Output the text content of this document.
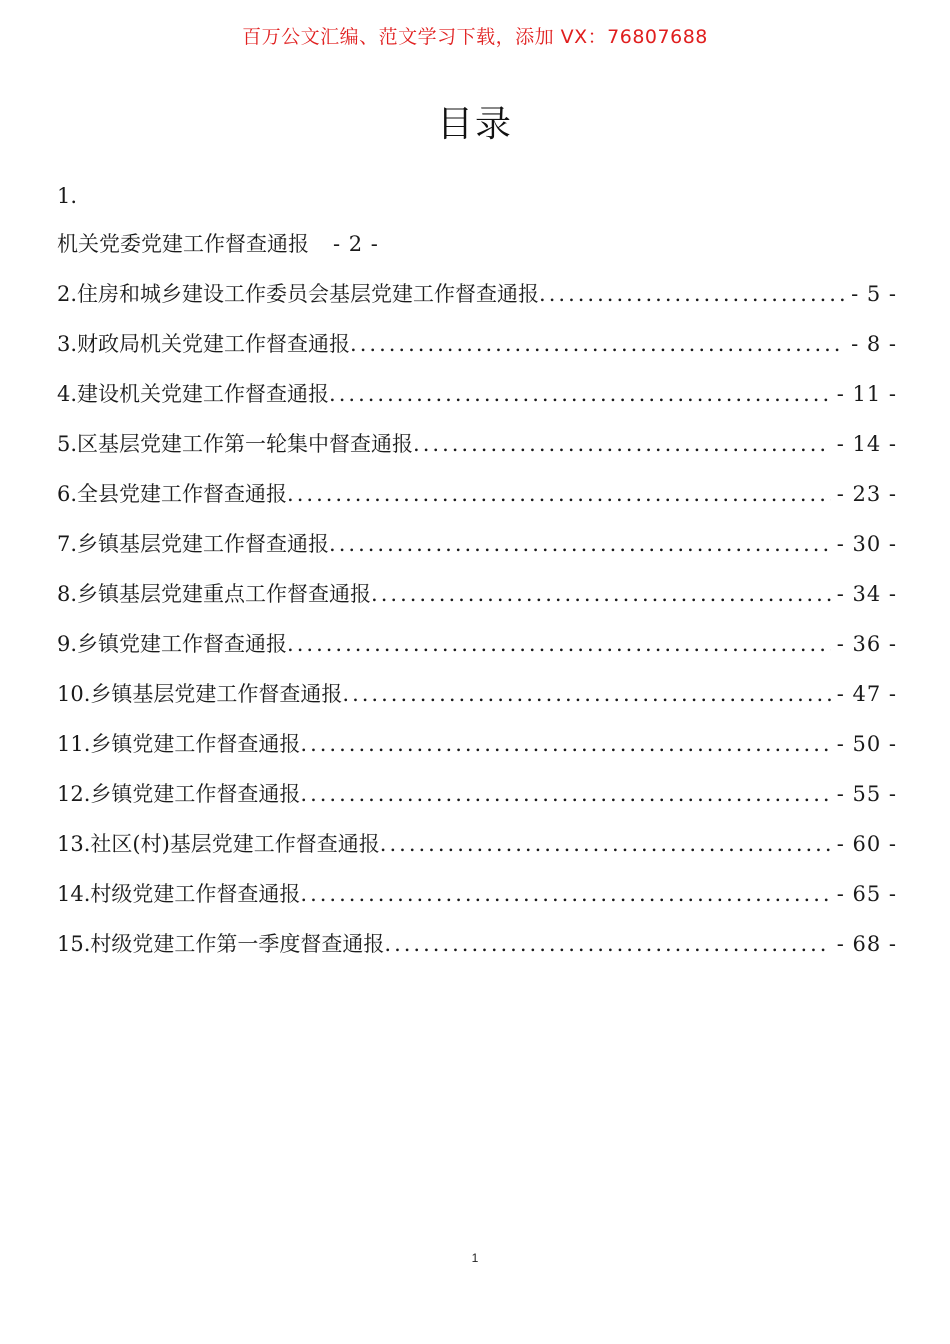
百万公文汇编、范文学习下载，添加 VX：76807688
目录
1.
机关党委党建工作督查通报 - 2 -
2.住房和城乡建设工作委员会基层党建工作督查通报 .....	- 5 -
3.财政局机关党建工作督查通报 .....	- 8 -
4.建设机关党建工作督查通报 .....	- 11 -
5.区基层党建工作第一轮集中督查通报 .....	- 14 -
6.全县党建工作督查通报 .....	- 23 -
7.乡镇基层党建工作督查通报 .....	- 30 -
8.乡镇基层党建重点工作督查通报 .....	- 34 -
9.乡镇党建工作督查通报 .....	- 36 -
10.乡镇基层党建工作督查通报 .....	- 47 -
11.乡镇党建工作督查通报 .....	- 50 -
12.乡镇党建工作督查通报 .....	- 55 -
13.社区(村)基层党建工作督查通报 .....	- 60 -
14.村级党建工作督查通报 .....	- 65 -
15.村级党建工作第一季度督查通报 .....	- 68 -
1
